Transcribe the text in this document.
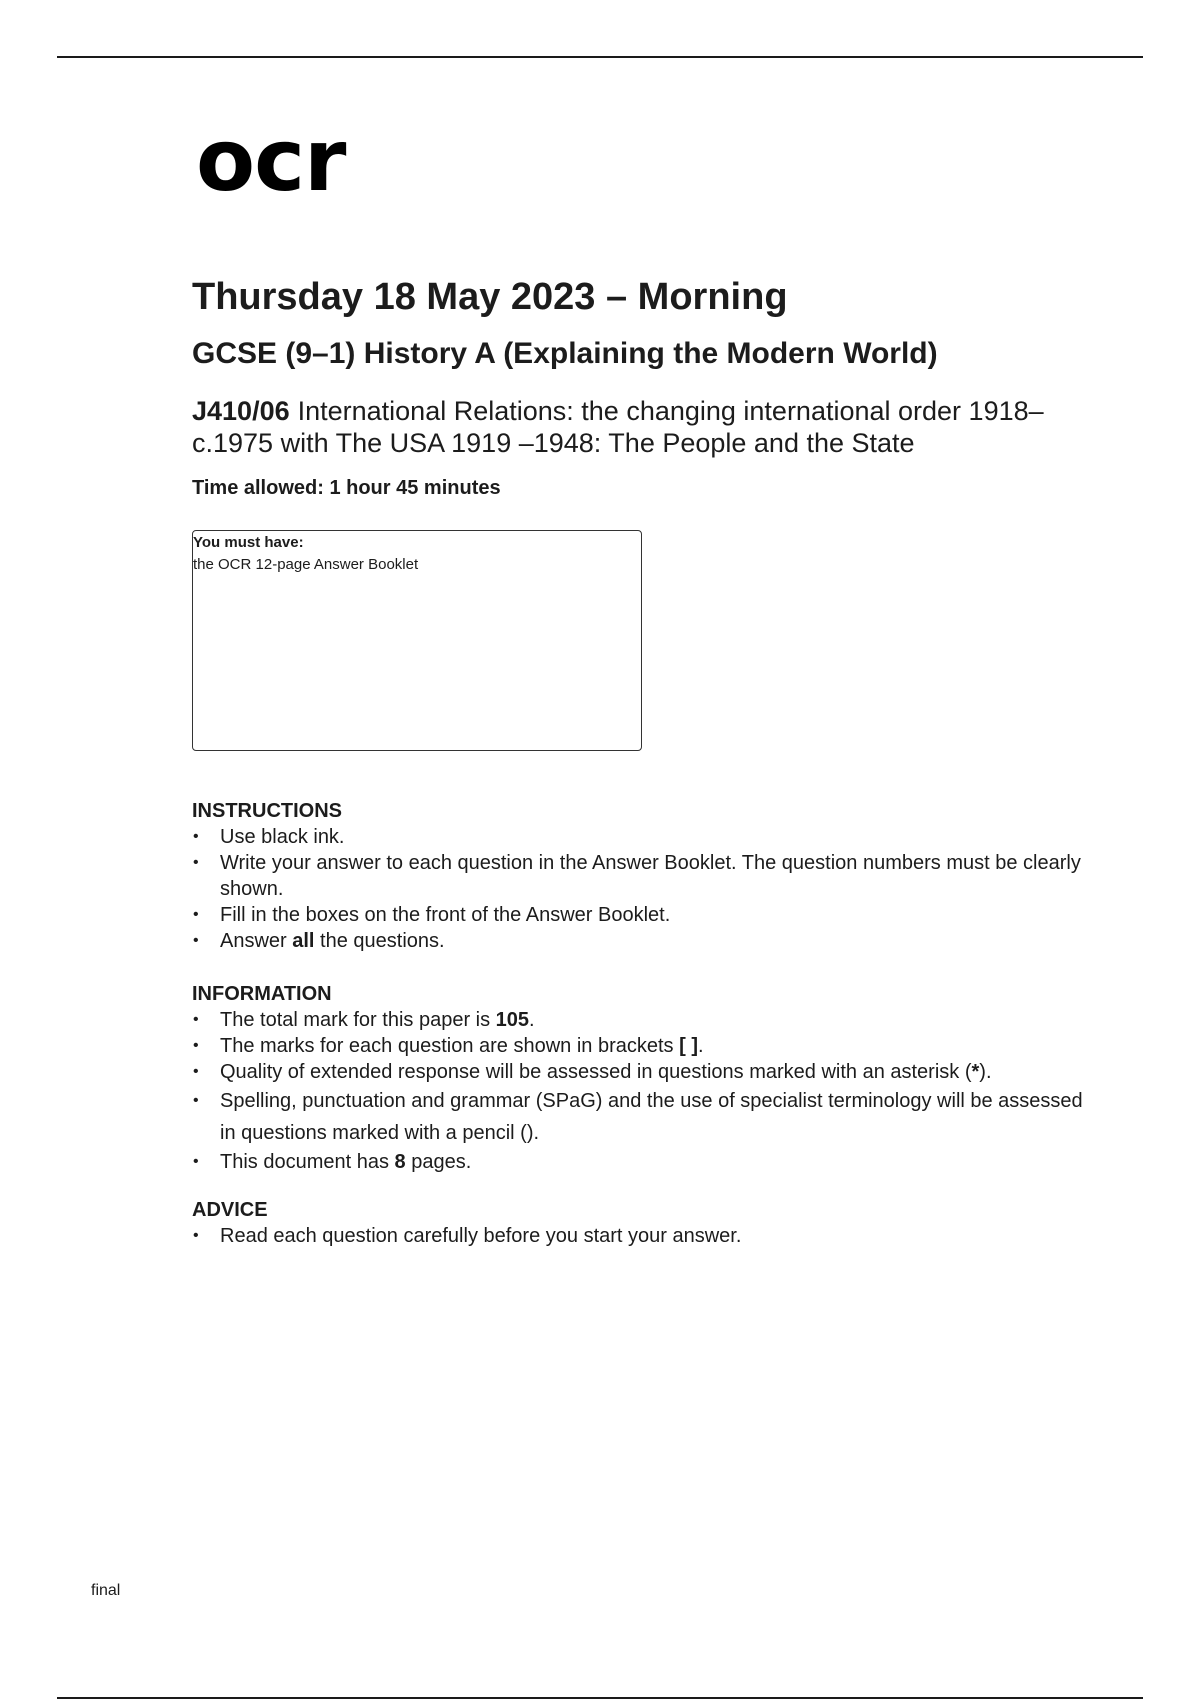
ocr
Thursday 18 May 2023 – Morning
GCSE (9–1) History A (Explaining the Modern World)
J410/06 International Relations: the changing international order 1918–c.1975 with The USA 1919 –1948: The People and the State
Time allowed: 1 hour 45 minutes
You must have:
the OCR 12-page Answer Booklet
INSTRUCTIONS
• Use black ink.
• Write your answer to each question in the Answer Booklet. The question numbers must be clearly shown.
• Fill in the boxes on the front of the Answer Booklet.
• Answer all the questions.
INFORMATION
• The total mark for this paper is 105.
• The marks for each question are shown in brackets [ ].
• Quality of extended response will be assessed in questions marked with an asterisk (*).
• Spelling, punctuation and grammar (SPaG) and the use of specialist terminology will be assessed in questions marked with a pencil ().
• This document has 8 pages.
ADVICE
• Read each question carefully before you start your answer.
final
